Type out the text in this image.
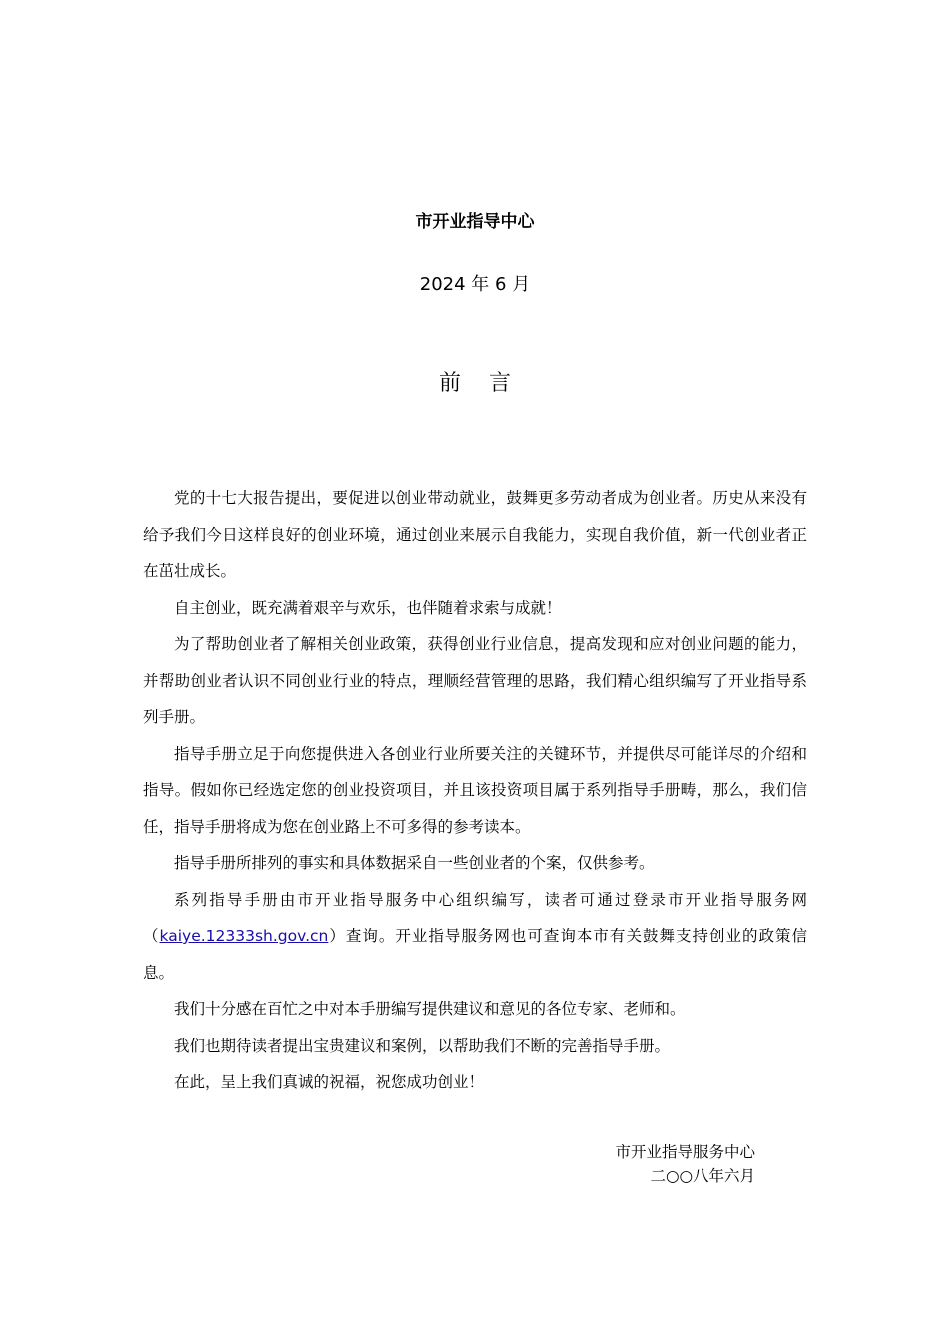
市开业指导中心
2024 年 6 月
前言

党的十七大报告提出，要促进以创业带动就业，鼓舞更多劳动者成为创业者。历史从来没有给予我们今日这样良好的创业环境，通过创业来展示自我能力，实现自我价值，新一代创业者正在茁壮成长。

自主创业，既充满着艰辛与欢乐，也伴随着求索与成就！

为了帮助创业者了解相关创业政策，获得创业行业信息，提高发现和应对创业问题的能力，并帮助创业者认识不同创业行业的特点，理顺经营管理的思路，我们精心组织编写了开业指导系列手册。

指导手册立足于向您提供进入各创业行业所要关注的关键环节，并提供尽可能详尽的介绍和指导。假如你已经选定您的创业投资项目，并且该投资项目属于系列指导手册畴，那么，我们信任，指导手册将成为您在创业路上不可多得的参考读本。

指导手册所排列的事实和具体数据采自一些创业者的个案，仅供参考。

系列指导手册由市开业指导服务中心组织编写，读者可通过登录市开业指导服务网（kaiye.12333sh.gov.cn）查询。开业指导服务网也可查询本市有关鼓舞支持创业的政策信息。

我们十分感在百忙之中对本手册编写提供建议和意见的各位专家、老师和。

我们也期待读者提出宝贵建议和案例，以帮助我们不断的完善指导手册。

在此，呈上我们真诚的祝福，祝您成功创业！

市开业指导服务中心
二○○八年六月
